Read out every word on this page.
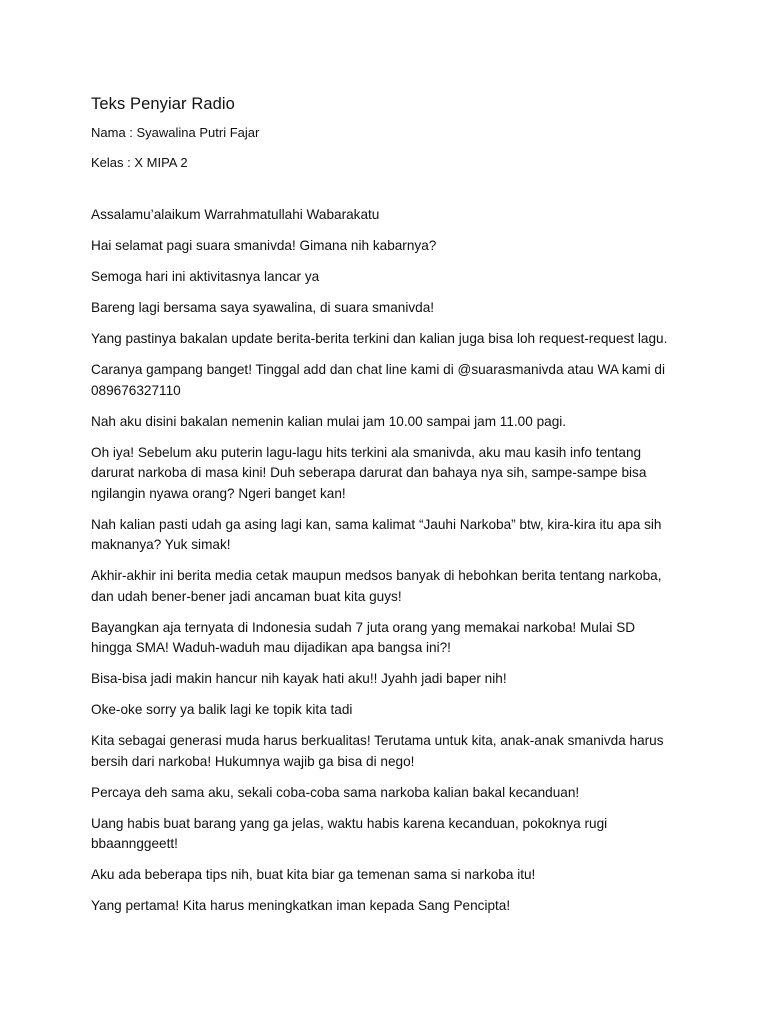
Teks Penyiar Radio

Nama : Syawalina Putri Fajar

Kelas : X MIPA 2

Assalamu’alaikum Warrahmatullahi Wabarakatu

Hai selamat pagi suara smanivda! Gimana nih kabarnya?

Semoga hari ini aktivitasnya lancar ya

Bareng lagi bersama saya syawalina, di suara smanivda!

Yang pastinya bakalan update berita-berita terkini dan kalian juga bisa loh request-request lagu.

Caranya gampang banget! Tinggal add dan chat line kami di @suarasmanivda atau WA kami di
089676327110

Nah aku disini bakalan nemenin kalian mulai jam 10.00 sampai jam 11.00 pagi.

Oh iya! Sebelum aku puterin lagu-lagu hits terkini ala smanivda, aku mau kasih info tentang
darurat narkoba di masa kini! Duh seberapa darurat dan bahaya nya sih, sampe-sampe bisa
ngilangin nyawa orang? Ngeri banget kan!

Nah kalian pasti udah ga asing lagi kan, sama kalimat “Jauhi Narkoba” btw, kira-kira itu apa sih
maknanya? Yuk simak!

Akhir-akhir ini berita media cetak maupun medsos banyak di hebohkan berita tentang narkoba,
dan udah bener-bener jadi ancaman buat kita guys!

Bayangkan aja ternyata di Indonesia sudah 7 juta orang yang memakai narkoba! Mulai SD
hingga SMA! Waduh-waduh mau dijadikan apa bangsa ini?!

Bisa-bisa jadi makin hancur nih kayak hati aku!! Jyahh jadi baper nih!

Oke-oke sorry ya balik lagi ke topik kita tadi

Kita sebagai generasi muda harus berkualitas! Terutama untuk kita, anak-anak smanivda harus
bersih dari narkoba! Hukumnya wajib ga bisa di nego!

Percaya deh sama aku, sekali coba-coba sama narkoba kalian bakal kecanduan!

Uang habis buat barang yang ga jelas, waktu habis karena kecanduan, pokoknya rugi
bbaannggeett!

Aku ada beberapa tips nih, buat kita biar ga temenan sama si narkoba itu!

Yang pertama! Kita harus meningkatkan iman kepada Sang Pencipta!
